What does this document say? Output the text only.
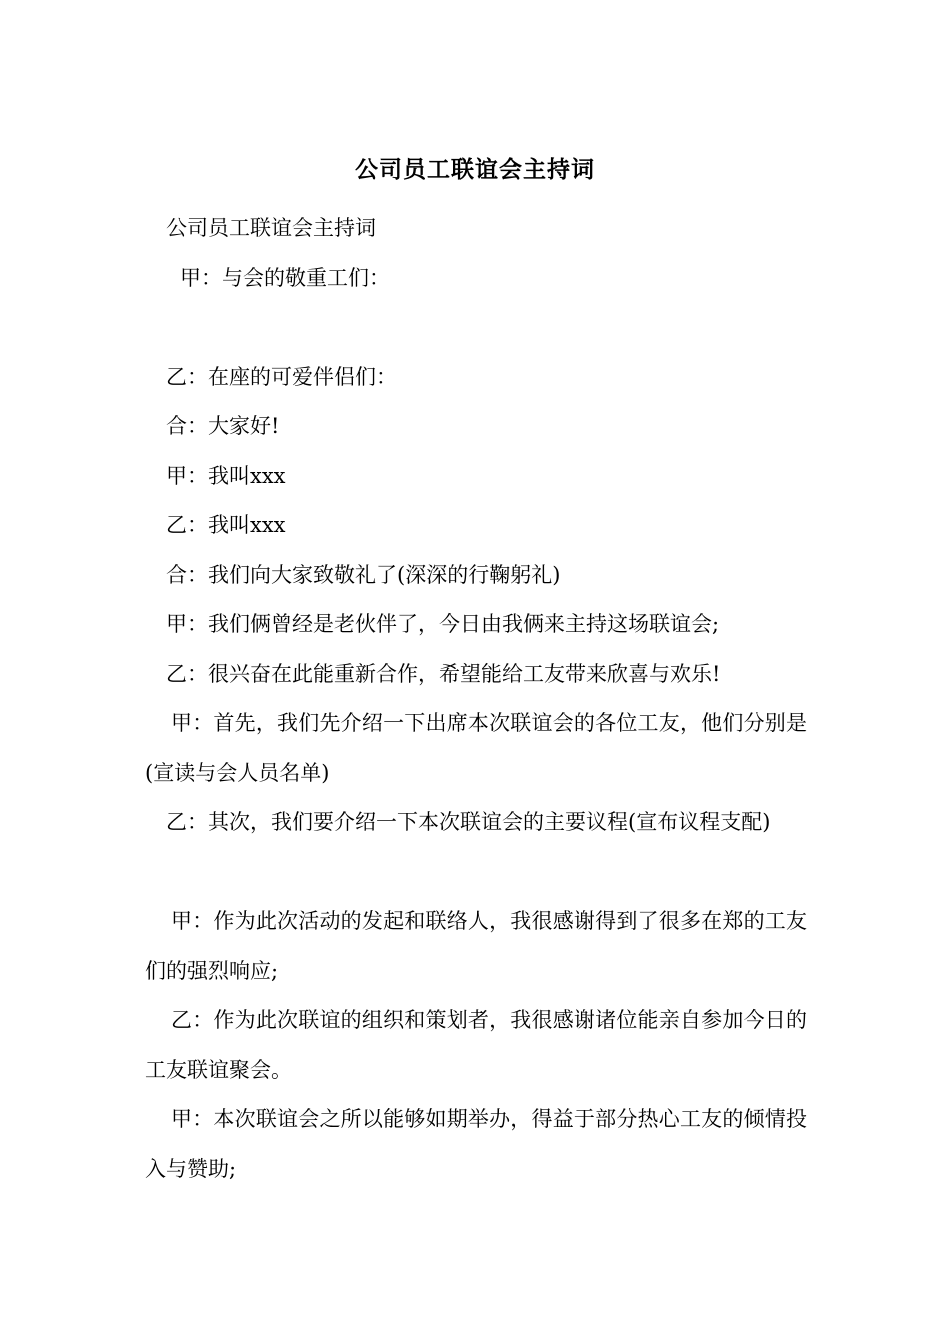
公司员工联谊会主持词

公司员工联谊会主持词

甲：与会的敬重工们：

乙：在座的可爱伴侣们：

合：大家好!

甲：我叫xxx

乙：我叫xxx

合：我们向大家致敬礼了(深深的行鞠躬礼)

甲：我们俩曾经是老伙伴了，今日由我俩来主持这场联谊会;

乙：很兴奋在此能重新合作，希望能给工友带来欣喜与欢乐!

甲：首先，我们先介绍一下出席本次联谊会的各位工友，他们分别是(宣读与会人员名单)

乙：其次，我们要介绍一下本次联谊会的主要议程(宣布议程支配)

甲：作为此次活动的发起和联络人，我很感谢得到了很多在郑的工友们的强烈响应;

乙：作为此次联谊的组织和策划者，我很感谢诸位能亲自参加今日的工友联谊聚会。

甲：本次联谊会之所以能够如期举办，得益于部分热心工友的倾情投入与赞助;
